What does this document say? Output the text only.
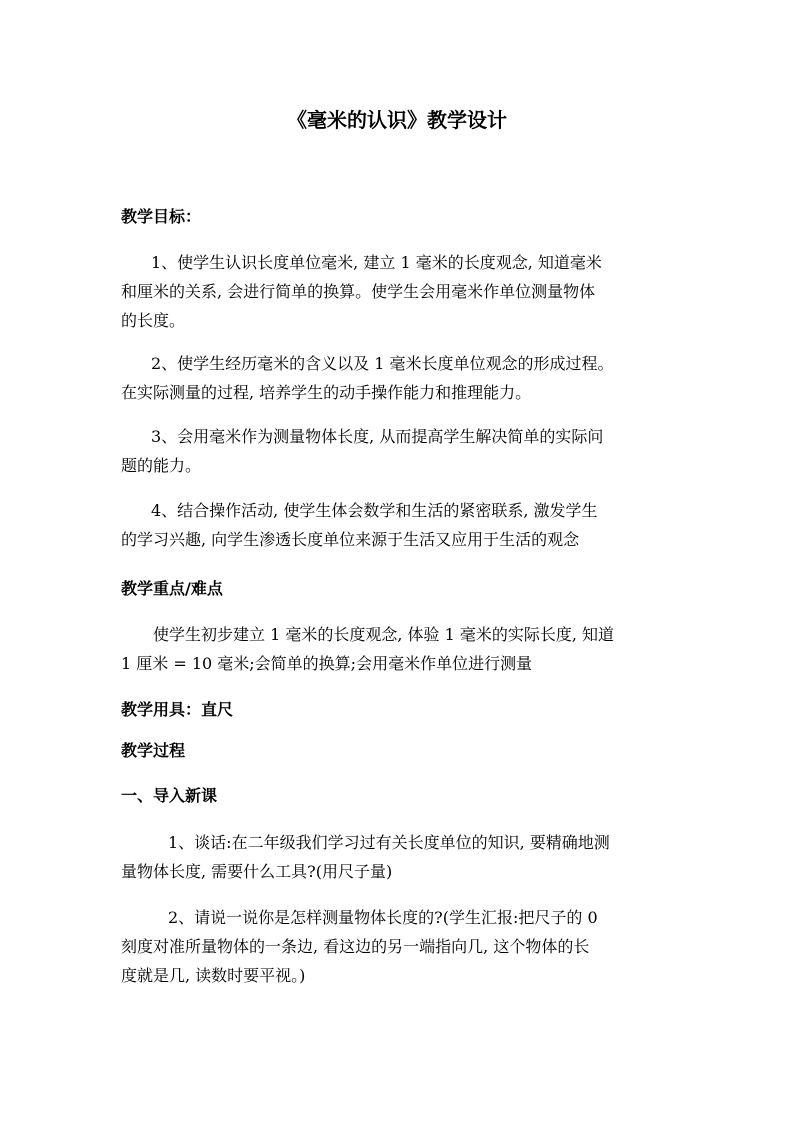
《毫米的认识》教学设计
教学目标：

1、使学生认识长度单位毫米, 建立 1 毫米的长度观念, 知道毫米
和厘米的关系, 会进行简单的换算。使学生会用毫米作单位测量物体
的长度。

2、使学生经历毫米的含义以及 1 毫米长度单位观念的形成过程。
在实际测量的过程, 培养学生的动手操作能力和推理能力。

3、会用毫米作为测量物体长度, 从而提高学生解决简单的实际问
题的能力。

4、结合操作活动, 使学生体会数学和生活的紧密联系, 激发学生
的学习兴趣, 向学生渗透长度单位来源于生活又应用于生活的观念

教学重点/难点

使学生初步建立 1 毫米的长度观念, 体验 1 毫米的实际长度, 知道
1 厘米 = 10 毫米;会简单的换算;会用毫米作单位进行测量

教学用具：直尺
教学过程
一、导入新课

1、谈话:在二年级我们学习过有关长度单位的知识, 要精确地测
量物体长度, 需要什么工具?(用尺子量)

2、请说一说你是怎样测量物体长度的?(学生汇报:把尺子的 0
刻度对准所量物体的一条边, 看这边的另一端指向几, 这个物体的长
度就是几, 读数时要平视。)
